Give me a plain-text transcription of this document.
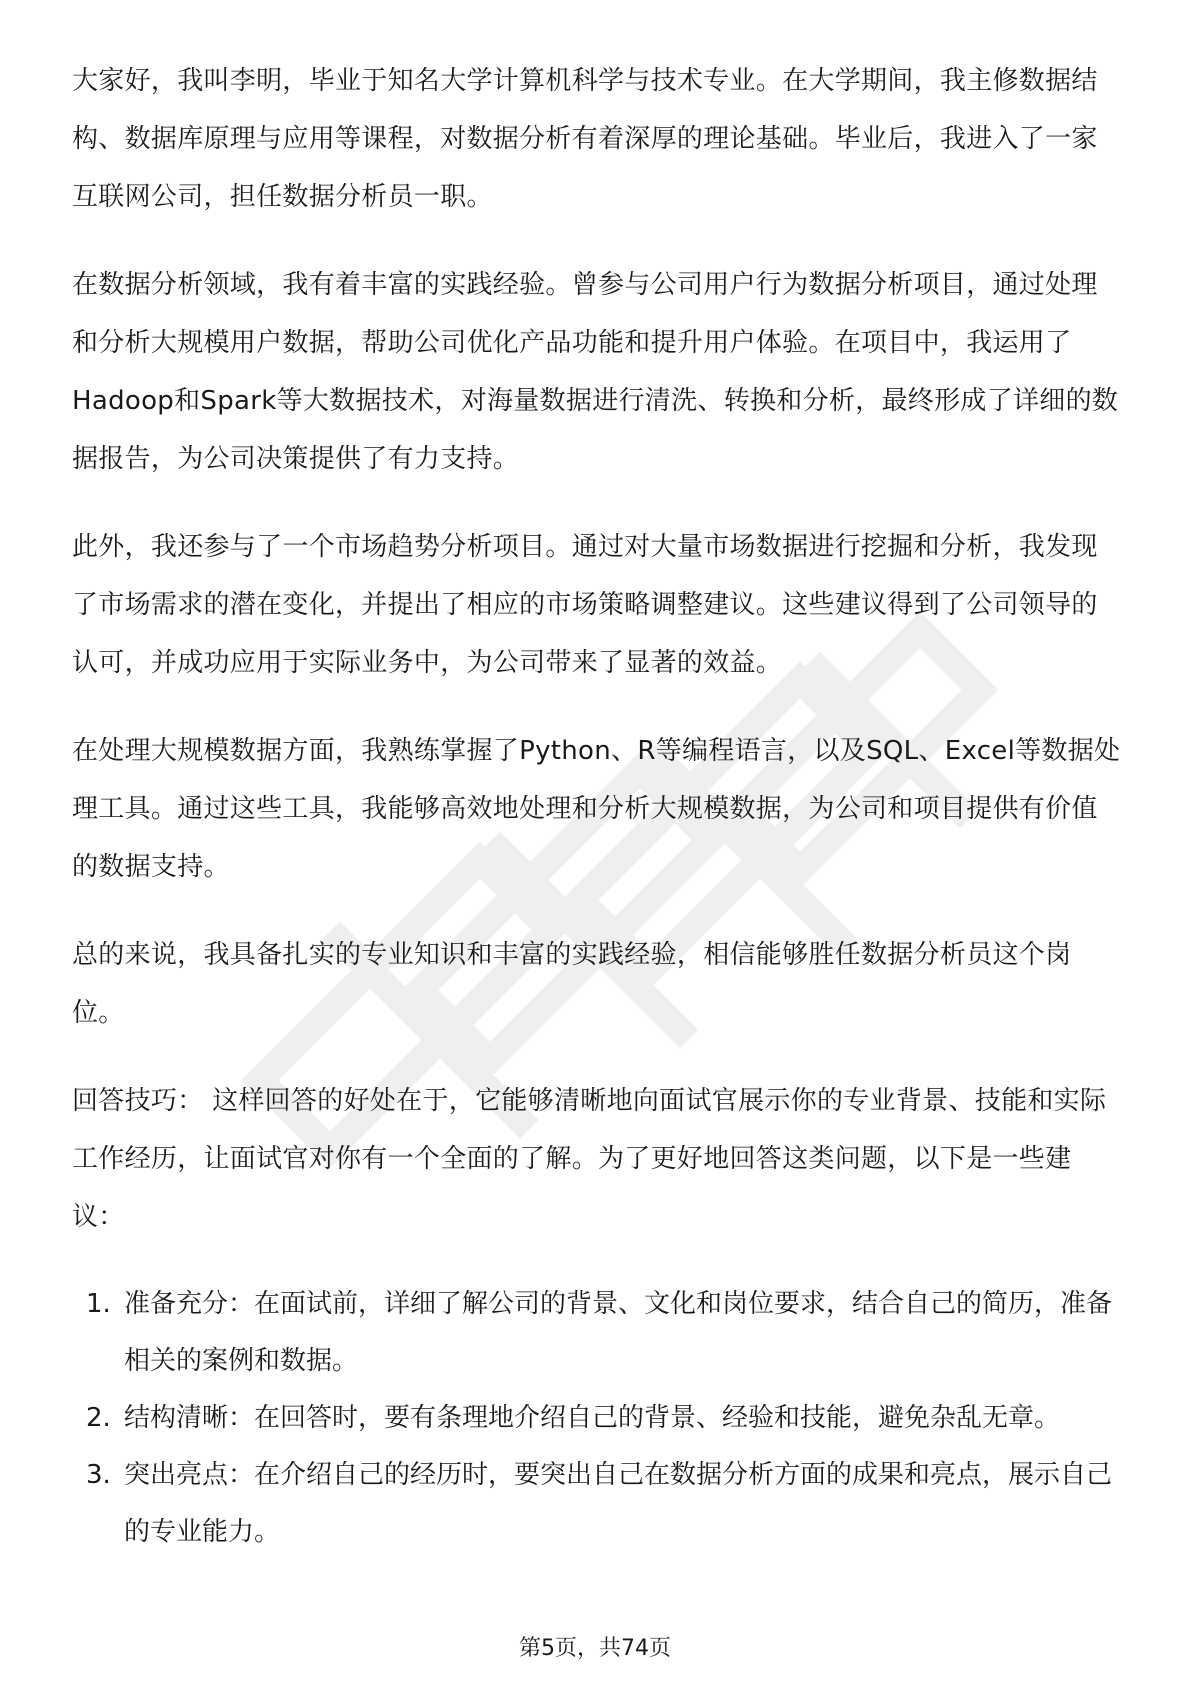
大家好，我叫李明，毕业于知名大学计算机科学与技术专业。在大学期间，我主修数据结构、数据库原理与应用等课程，对数据分析有着深厚的理论基础。毕业后，我进入了一家互联网公司，担任数据分析员一职。

在数据分析领域，我有着丰富的实践经验。曾参与公司用户行为数据分析项目，通过处理和分析大规模用户数据，帮助公司优化产品功能和提升用户体验。在项目中，我运用了Hadoop和Spark等大数据技术，对海量数据进行清洗、转换和分析，最终形成了详细的数据报告，为公司决策提供了有力支持。

此外，我还参与了一个市场趋势分析项目。通过对大量市场数据进行挖掘和分析，我发现了市场需求的潜在变化，并提出了相应的市场策略调整建议。这些建议得到了公司领导的认可，并成功应用于实际业务中，为公司带来了显著的效益。

在处理大规模数据方面，我熟练掌握了Python、R等编程语言，以及SQL、Excel等数据处理工具。通过这些工具，我能够高效地处理和分析大规模数据，为公司和项目提供有价值的数据支持。

总的来说，我具备扎实的专业知识和丰富的实践经验，相信能够胜任数据分析员这个岗位。

回答技巧： 这样回答的好处在于，它能够清晰地向面试官展示你的专业背景、技能和实际工作经历，让面试官对你有一个全面的了解。为了更好地回答这类问题，以下是一些建议：

1. 准备充分：在面试前，详细了解公司的背景、文化和岗位要求，结合自己的简历，准备相关的案例和数据。
2. 结构清晰：在回答时，要有条理地介绍自己的背景、经验和技能，避免杂乱无章。
3. 突出亮点：在介绍自己的经历时，要突出自己在数据分析方面的成果和亮点，展示自己的专业能力。
第5页，共74页
